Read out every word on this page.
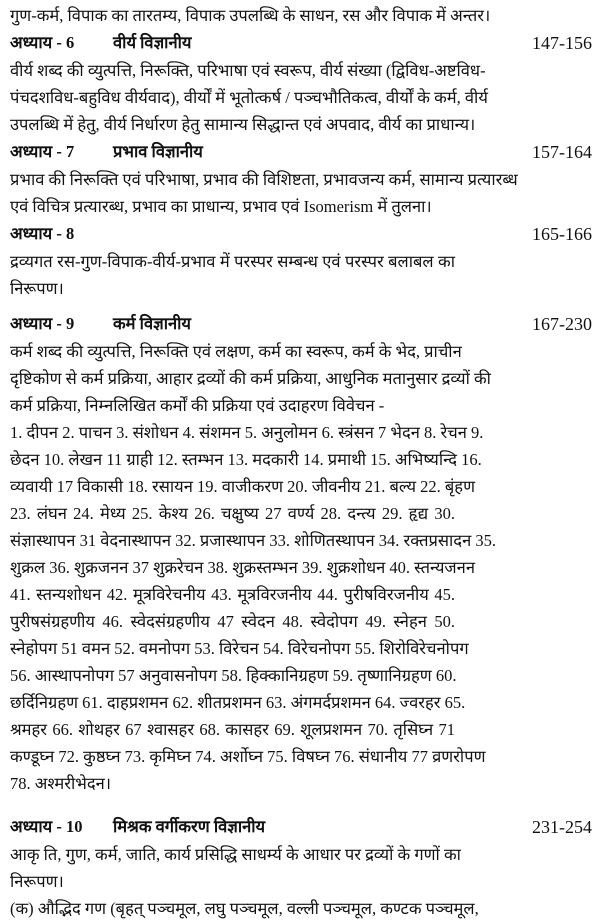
गुण-कर्म, विपाक का तारतम्य, विपाक उपलब्धि के साधन, रस और विपाक में अन्तर।
अध्याय - 6 वीर्य विज्ञानीय	147-156
वीर्य शब्द की व्युत्पत्ति, निरूक्ति, परिभाषा एवं स्वरूप, वीर्य संख्या (द्विविध-अष्टविध-
पंचदशविध-बहुविध वीर्यवाद), वीर्यों में भूतोत्कर्ष / पञ्चभौतिकत्व, वीर्यों के कर्म, वीर्य
उपलब्धि में हेतु, वीर्य निर्धारण हेतु सामान्य सिद्धान्त एवं अपवाद, वीर्य का प्राधान्य।
अध्याय - 7 प्रभाव विज्ञानीय	157-164
प्रभाव की निरूक्ति एवं परिभाषा, प्रभाव की विशिष्टता, प्रभावजन्य कर्म, सामान्य प्रत्यारब्ध
एवं विचित्र प्रत्यारब्ध, प्रभाव का प्राधान्य, प्रभाव एवं Isomerism में तुलना।
अध्याय - 8	165-166
द्रव्यगत रस-गुण-विपाक-वीर्य-प्रभाव में परस्पर सम्बन्ध एवं परस्पर बलाबल का
निरूपण।
अध्याय - 9 कर्म विज्ञानीय	167-230
कर्म शब्द की व्युत्पत्ति, निरूक्ति एवं लक्षण, कर्म का स्वरूप, कर्म के भेद, प्राचीन
दृष्टिकोण से कर्म प्रक्रिया, आहार द्रव्यों की कर्म प्रक्रिया, आधुनिक मतानुसार द्रव्यों की
कर्म प्रक्रिया, निम्नलिखित कर्मों की प्रक्रिया एवं उदाहरण विवेचन -
1. दीपन 2. पाचन 3. संशोधन 4. संशमन 5. अनुलोमन 6. स्त्रंसन 7 भेदन 8. रेचन 9.
छेदन 10. लेखन 11 ग्राही 12. स्तम्भन 13. मदकारी 14. प्रमाथी 15. अभिष्यन्दि 16.
व्यवायी 17 विकासी 18. रसायन 19. वाजीकरण 20. जीवनीय 21. बल्य 22. बृंहण
23. लंघन 24. मेध्य 25. केश्य 26. चक्षुष्य 27 वर्ण्य 28. दन्त्य 29. हृद्य 30.
संज्ञास्थापन 31 वेदनास्थापन 32. प्रजास्थापन 33. शोणितस्थापन 34. रक्तप्रसादन 35.
शुक्रल 36. शुक्रजनन 37 शुक्ररेचन 38. शुक्रस्तम्भन 39. शुक्रशोधन 40. स्तन्यजनन
41. स्तन्यशोधन 42. मूत्रविरेचनीय 43. मूत्रविरजनीय 44. पुरीषविरजनीय 45.
पुरीषसंग्रहणीय 46. स्वेदसंग्रहणीय 47 स्वेदन 48. स्वेदोपग 49. स्नेहन 50.
स्नेहोपग 51 वमन 52. वमनोपग 53. विरेचन 54. विरेचनोपग 55. शिरोविरेचनोपग
56. आस्थापनोपग 57 अनुवासनोपग 58. हिक्कानिग्रहण 59. तृष्णानिग्रहण 60.
छर्दिनिग्रहण 61. दाहप्रशमन 62. शीतप्रशमन 63. अंगमर्दप्रशमन 64. ज्वरहर 65.
श्रमहर 66. शोथहर 67 श्वासहर 68. कासहर 69. शूलप्रशमन 70. तृसिघ्न 71
कण्डूघ्न 72. कुष्ठघ्न 73. कृमिघ्न 74. अर्शोघ्न 75. विषघ्न 76. संधानीय 77 व्रणरोपण
78. अश्मरीभेदन।
अध्याय - 10 मिश्रक वर्गीकरण विज्ञानीय	231-254
आकृ ति, गुण, कर्म, जाति, कार्य प्रसिद्धि साधर्म्य के आधार पर द्रव्यों के गणों का
निरूपण।
(क) औद्भिद गण (बृहत् पञ्चमूल, लघु पञ्चमूल, वल्ली पञ्चमूल, कण्टक पञ्चमूल,
